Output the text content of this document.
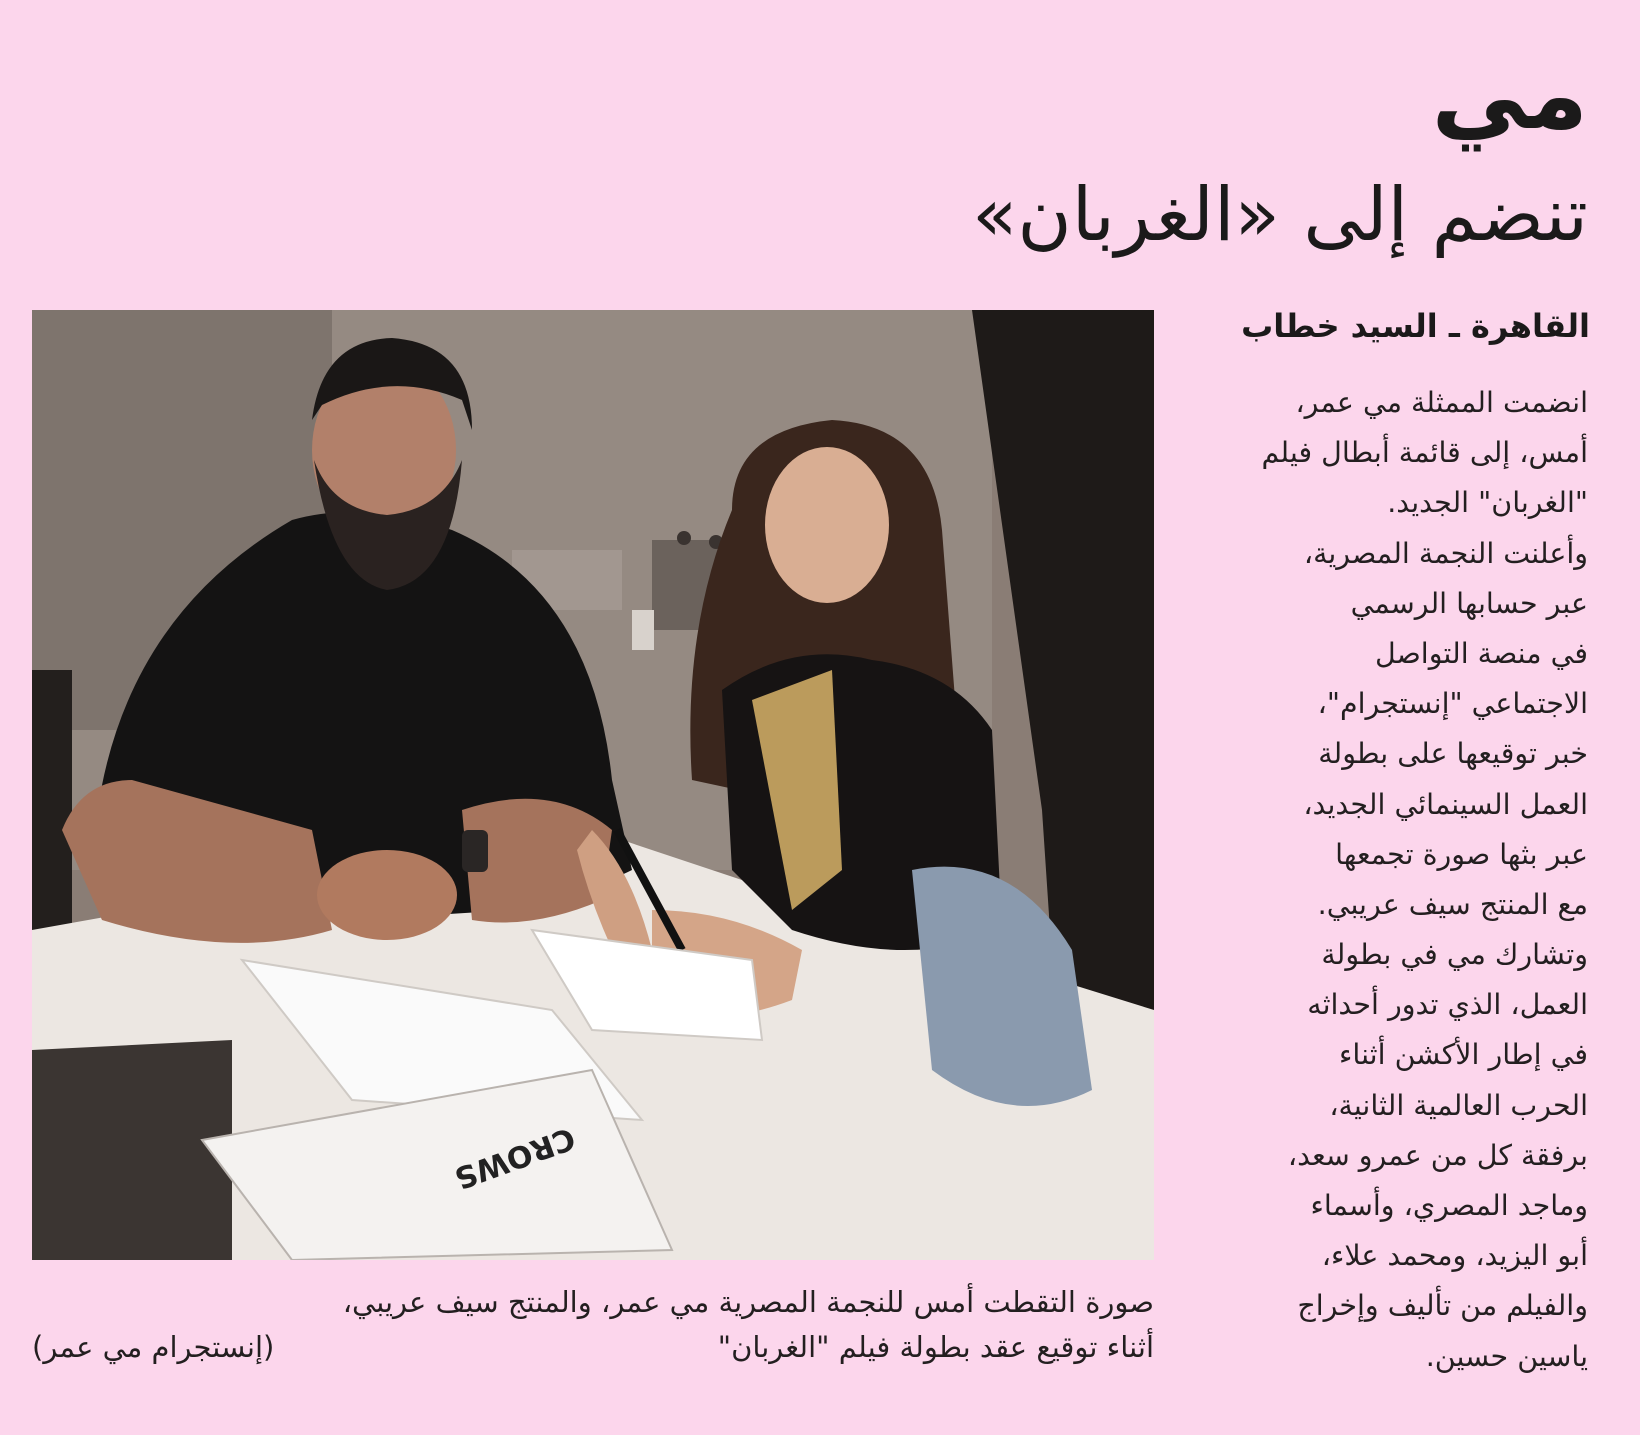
مي
تنضم إلى «الغربان»
CROWS
القاهرة ـ السيد خطاب
انضمت الممثلة مي عمر،
أمس، إلى قائمة أبطال فيلم
"الغربان" الجديد.
وأعلنت النجمة المصرية،
عبر حسابها الرسمي
في منصة التواصل
الاجتماعي "إنستجرام"،
خبر توقيعها على بطولة
العمل السينمائي الجديد،
عبر بثها صورة تجمعها
مع المنتج سيف عريبي.
وتشارك مي في بطولة
العمل، الذي تدور أحداثه
في إطار الأكشن أثناء
الحرب العالمية الثانية،
برفقة كل من عمرو سعد،
وماجد المصري، وأسماء
أبو اليزيد، ومحمد علاء،
والفيلم من تأليف وإخراج
ياسين حسين.
صورة التقطت أمس للنجمة المصرية مي عمر، والمنتج سيف عريبي،
أثناء توقيع عقد بطولة فيلم "الغربان"
(إنستجرام مي عمر)
